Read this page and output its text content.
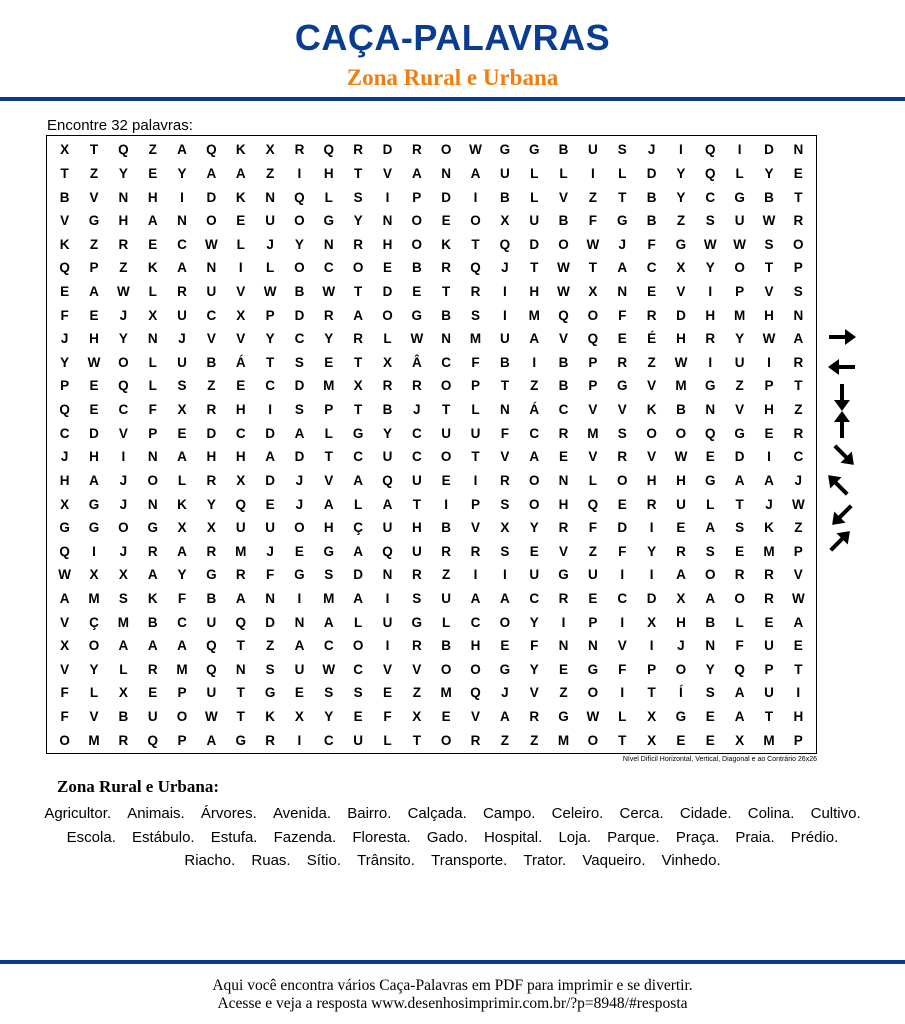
CAÇA-PALAVRAS
Zona Rural e Urbana
Encontre 32 palavras:
X	T	Q	Z	A	Q	K	X	R	Q	R	D	R	O	W	G	G	B	U	S	J	I	Q	I	D	N
T	Z	Y	E	Y	A	A	Z	I	H	T	V	A	N	A	U	L	L	I	L	D	Y	Q	L	Y	E
B	V	N	H	I	D	K	N	Q	L	S	I	P	D	I	B	L	V	Z	T	B	Y	C	G	B	T
V	G	H	A	N	O	E	U	O	G	Y	N	O	E	O	X	U	B	F	G	B	Z	S	U	W	R
K	Z	R	E	C	W	L	J	Y	N	R	H	O	K	T	Q	D	O	W	J	F	G	W	W	S	O
Q	P	Z	K	A	N	I	L	O	C	O	E	B	R	Q	J	T	W	T	A	C	X	Y	O	T	P
E	A	W	L	R	U	V	W	B	W	T	D	E	T	R	I	H	W	X	N	E	V	I	P	V	S
F	E	J	X	U	C	X	P	D	R	A	O	G	B	S	I	M	Q	O	F	R	D	H	M	H	N
J	H	Y	N	J	V	V	Y	C	Y	R	L	W	N	M	U	A	V	Q	E	É	H	R	Y	W	A
Y	W	O	L	U	B	Á	T	S	E	T	X	Â	C	F	B	I	B	P	R	Z	W	I	U	I	R
P	E	Q	L	S	Z	E	C	D	M	X	R	R	O	P	T	Z	B	P	G	V	M	G	Z	P	T
Q	E	C	F	X	R	H	I	S	P	T	B	J	T	L	N	Á	C	V	V	K	B	N	V	H	Z
C	D	V	P	E	D	C	D	A	L	G	Y	C	U	U	F	C	R	M	S	O	O	Q	G	E	R
J	H	I	N	A	H	H	A	D	T	C	U	C	O	T	V	A	E	V	R	V	W	E	D	I	C
H	A	J	O	L	R	X	D	J	V	A	Q	U	E	I	R	O	N	L	O	H	H	G	A	A	J
X	G	J	N	K	Y	Q	E	J	A	L	A	T	I	P	S	O	H	Q	E	R	U	L	T	J	W
G	G	O	G	X	X	U	U	O	H	Ç	U	H	B	V	X	Y	R	F	D	I	E	A	S	K	Z
Q	I	J	R	A	R	M	J	E	G	A	Q	U	R	R	S	E	V	Z	F	Y	R	S	E	M	P
W	X	X	A	Y	G	R	F	G	S	D	N	R	Z	I	I	U	G	U	I	I	A	O	R	R	V
A	M	S	K	F	B	A	N	I	M	A	I	S	U	A	A	C	R	E	C	D	X	A	O	R	W
V	Ç	M	B	C	U	Q	D	N	A	L	U	G	L	C	O	Y	I	P	I	X	H	B	L	E	A
X	O	A	A	A	Q	T	Z	A	C	O	I	R	B	H	E	F	N	N	V	I	J	N	F	U	E
V	Y	L	R	M	Q	N	S	U	W	C	V	V	O	O	G	Y	E	G	F	P	O	Y	Q	P	T
F	L	X	E	P	U	T	G	E	S	S	E	Z	M	Q	J	V	Z	O	I	T	Í	S	A	U	I
F	V	B	U	O	W	T	K	X	Y	E	F	X	E	V	A	R	G	W	L	X	G	E	A	T	H
O	M	R	Q	P	A	G	R	I	C	U	L	T	O	R	Z	Z	M	O	T	X	E	E	X	M	P
Nível Difícil Horizontal, Vertical, Diagonal e ao Contrário 26x26
Zona Rural e Urbana:
Agricultor. Animais. Árvores. Avenida. Bairro. Calçada. Campo. Celeiro. Cerca. Cidade. Colina. Cultivo. Escola. Estábulo. Estufa. Fazenda. Floresta. Gado. Hospital. Loja. Parque. Praça. Praia. Prédio. Riacho. Ruas. Sítio. Trânsito. Transporte. Trator. Vaqueiro. Vinhedo.
Aqui você encontra vários Caça-Palavras em PDF para imprimir e se divertir.
Acesse e veja a resposta www.desenhosimprimir.com.br/?p=8948/#resposta
